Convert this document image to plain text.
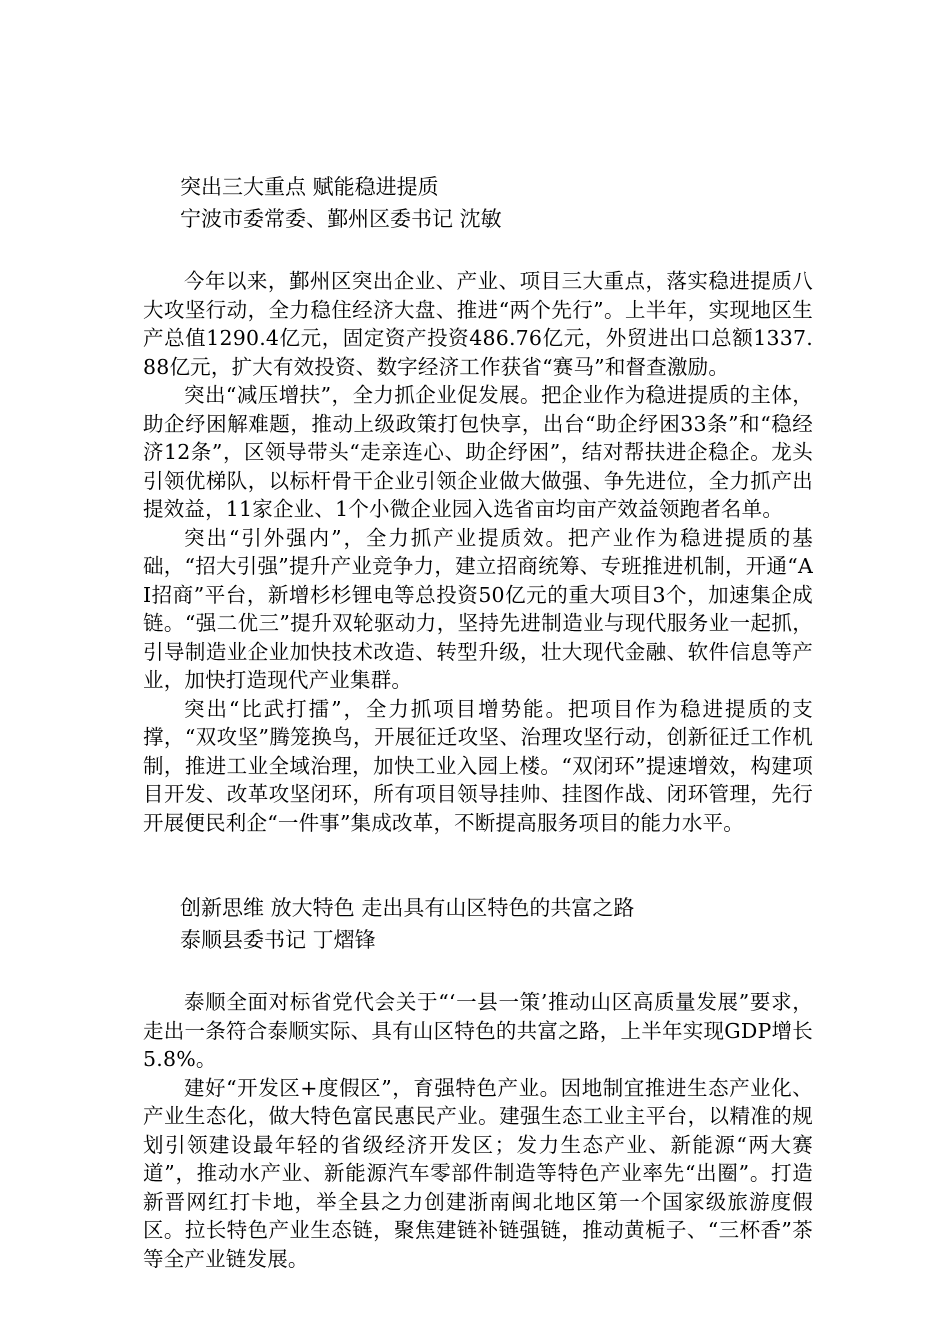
突出三大重点 赋能稳进提质
宁波市委常委、鄞州区委书记 沈敏

今年以来，鄞州区突出企业、产业、项目三大重点，落实稳进提质八大攻坚行动，全力稳住经济大盘、推进“两个先行”。上半年，实现地区生产总值1290.4亿元，固定资产投资486.76亿元，外贸进出口总额1337.88亿元，扩大有效投资、数字经济工作获省“赛马”和督查激励。

突出“减压增扶”，全力抓企业促发展。把企业作为稳进提质的主体，助企纾困解难题，推动上级政策打包快享，出台“助企纾困33条”和“稳经济12条”，区领导带头“走亲连心、助企纾困”，结对帮扶进企稳企。龙头引领优梯队，以标杆骨干企业引领企业做大做强、争先进位，全力抓产出提效益，11家企业、1个小微企业园入选省亩均亩产效益领跑者名单。

突出“引外强内”，全力抓产业提质效。把产业作为稳进提质的基础，“招大引强”提升产业竞争力，建立招商统筹、专班推进机制，开通“AI招商”平台，新增杉杉锂电等总投资50亿元的重大项目3个，加速集企成链。“强二优三”提升双轮驱动力，坚持先进制造业与现代服务业一起抓，引导制造业企业加快技术改造、转型升级，壮大现代金融、软件信息等产业，加快打造现代产业集群。

突出“比武打擂”，全力抓项目增势能。把项目作为稳进提质的支撑，“双攻坚”腾笼换鸟，开展征迁攻坚、治理攻坚行动，创新征迁工作机制，推进工业全域治理，加快工业入园上楼。“双闭环”提速增效，构建项目开发、改革攻坚闭环，所有项目领导挂帅、挂图作战、闭环管理，先行开展便民利企“一件事”集成改革，不断提高服务项目的能力水平。

创新思维 放大特色 走出具有山区特色的共富之路
泰顺县委书记 丁熠锋

泰顺全面对标省党代会关于“‘一县一策’推动山区高质量发展”要求，走出一条符合泰顺实际、具有山区特色的共富之路，上半年实现GDP增长5.8%。

建好“开发区+度假区”，育强特色产业。因地制宜推进生态产业化、产业生态化，做大特色富民惠民产业。建强生态工业主平台，以精准的规划引领建设最年轻的省级经济开发区；发力生态产业、新能源“两大赛道”，推动水产业、新能源汽车零部件制造等特色产业率先“出圈”。打造新晋网红打卡地，举全县之力创建浙南闽北地区第一个国家级旅游度假区。拉长特色产业生态链，聚焦建链补链强链，推动黄栀子、“三杯香”茶等全产业链发展。
